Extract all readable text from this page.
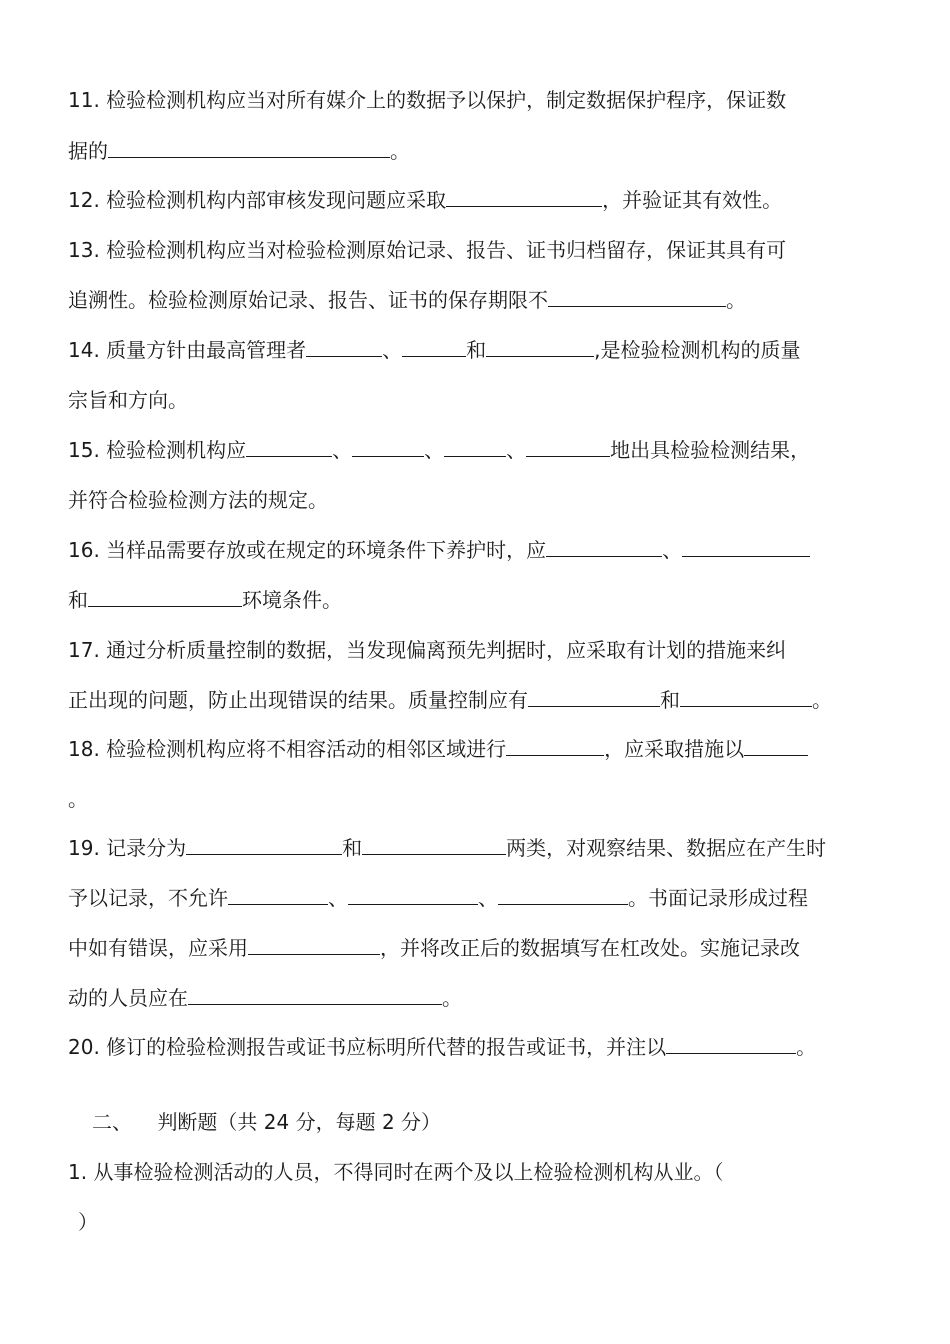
11. 检验检测机构应当对所有媒介上的数据予以保护，制定数据保护程序，保证数
据的	。
12. 检验检测机构内部审核发现问题应采取	，并验证其有效性。
13. 检验检测机构应当对检验检测原始记录、报告、证书归档留存，保证其具有可
追溯性。检验检测原始记录、报告、证书的保存期限不	。
14. 质量方针由最高管理者	、	和	,是检验检测机构的质量
宗旨和方向。
15. 检验检测机构应	、	、	、	地出具检验检测结果，
并符合检验检测方法的规定。
16. 当样品需要存放或在规定的环境条件下养护时，应	、
和	环境条件。
17. 通过分析质量控制的数据，当发现偏离预先判据时，应采取有计划的措施来纠
正出现的问题，防止出现错误的结果。质量控制应有	和	。
18. 检验检测机构应将不相容活动的相邻区域进行	，应采取措施以
。
19. 记录分为	和	两类，对观察结果、数据应在产生时
予以记录，不允许	、	、	。书面记录形成过程
中如有错误，应采用	，并将改正后的数据填写在杠改处。实施记录改
动的人员应在	。
20. 修订的检验检测报告或证书应标明所代替的报告或证书，并注以	。
二、 判断题（共 24 分，每题 2 分）
1. 从事检验检测活动的人员，不得同时在两个及以上检验检测机构从业。（
）
